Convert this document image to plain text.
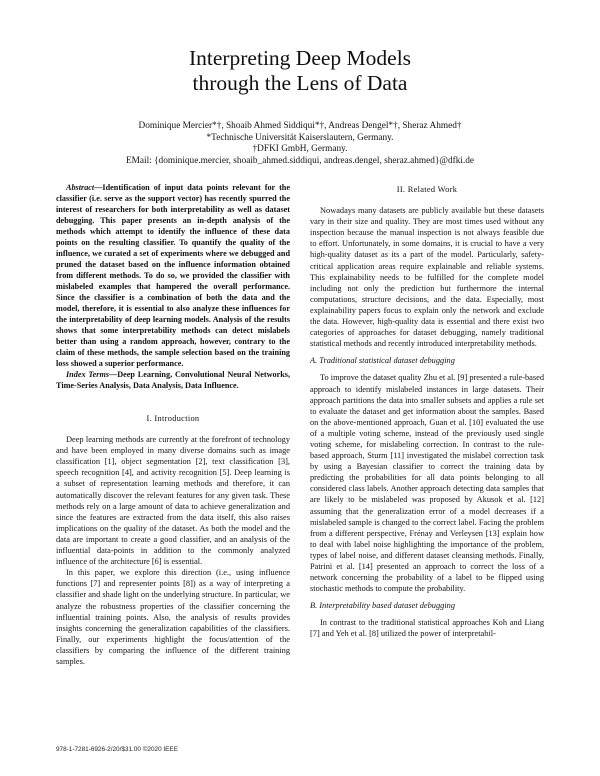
Interpreting Deep Models
through the Lens of Data
Dominique Mercier*†, Shoaib Ahmed Siddiqui*†, Andreas Dengel*†, Sheraz Ahmed†
*Technische Universität Kaiserslautern, Germany.
†DFKI GmbH, Germany.
EMail: {dominique.mercier, shoaib_ahmed.siddiqui, andreas.dengel, sheraz.ahmed}@dfki.de

Abstract—Identification of input data points relevant for the classifier (i.e. serve as the support vector) has recently spurred the interest of researchers for both interpretability as well as dataset debugging. This paper presents an in-depth analysis of the methods which attempt to identify the influence of these data points on the resulting classifier. To quantify the quality of the influence, we curated a set of experiments where we debugged and pruned the dataset based on the influence information obtained from different methods. To do so, we provided the classifier with mislabeled examples that hampered the overall performance. Since the classifier is a combination of both the data and the model, therefore, it is essential to also analyze these influences for the interpretability of deep learning models. Analysis of the results shows that some interpretability methods can detect mislabels better than using a random approach, however, contrary to the claim of these methods, the sample selection based on the training loss showed a superior performance.

Index Terms—Deep Learning, Convolutional Neural Networks, Time-Series Analysis, Data Analysis, Data Influence.

I. Introduction

Deep learning methods are currently at the forefront of technology and have been employed in many diverse domains such as image classification [1], object segmentation [2], text classification [3], speech recognition [4], and activity recognition [5]. Deep learning is a subset of representation learning methods and therefore, it can automatically discover the relevant features for any given task. These methods rely on a large amount of data to achieve generalization and since the features are extracted from the data itself, this also raises implications on the quality of the dataset. As both the model and the data are important to create a good classifier, and an analysis of the influential data-points in addition to the commonly analyzed influence of the architecture [6] is essential.

In this paper, we explore this direction (i.e., using influence functions [7] and representer points [8]) as a way of interpreting a classifier and shade light on the underlying structure. In particular, we analyze the robustness properties of the classifier concerning the influential training points. Also, the analysis of results provides insights concerning the generalization capabilities of the classifiers. Finally, our experiments highlight the focus/attention of the classifiers by comparing the influence of the different training samples.

II. Related Work

Nowadays many datasets are publicly available but these datasets vary in their size and quality. They are most times used without any inspection because the manual inspection is not always feasible due to effort. Unfortunately, in some domains, it is crucial to have a very high-quality dataset as its a part of the model. Particularly, safety-critical application areas require explainable and reliable systems. This explainability needs to be fulfilled for the complete model including not only the prediction but furthermore the internal computations, structure decisions, and the data. Especially, most explainability papers focus to explain only the network and exclude the data. However, high-quality data is essential and there exist two categories of approaches for dataset debugging, namely traditional statistical methods and recently introduced interpretability methods.

A. Traditional statistical dataset debugging

To improve the dataset quality Zhu et al. [9] presented a rule-based approach to identify mislabeled instances in large datasets. Their approach partitions the data into smaller subsets and applies a rule set to evaluate the dataset and get information about the samples. Based on the above-mentioned approach, Guan et al. [10] evaluated the use of a multiple voting scheme, instead of the previously used single voting scheme, for mislabeling correction. In contrast to the rule-based approach, Sturm [11] investigated the mislabel correction task by using a Bayesian classifier to correct the training data by predicting the probabilities for all data points belonging to all considered class labels. Another approach detecting data samples that are likely to be mislabeled was proposed by Akusok et al. [12] assuming that the generalization error of a model decreases if a mislabeled sample is changed to the correct label. Facing the problem from a different perspective, Frénay and Verleysen [13] explain how to deal with label noise highlighting the importance of the problem, types of label noise, and different dataset cleansing methods. Finally, Patrini et al. [14] presented an approach to correct the loss of a network concerning the probability of a label to be flipped using stochastic methods to compute the probability.

B. Interpretability based dataset debugging

In contrast to the traditional statistical approaches Koh and Liang [7] and Yeh et al. [8] utilized the power of interpretabil-

978-1-7281-6926-2/20/$31.00 ©2020 IEEE
